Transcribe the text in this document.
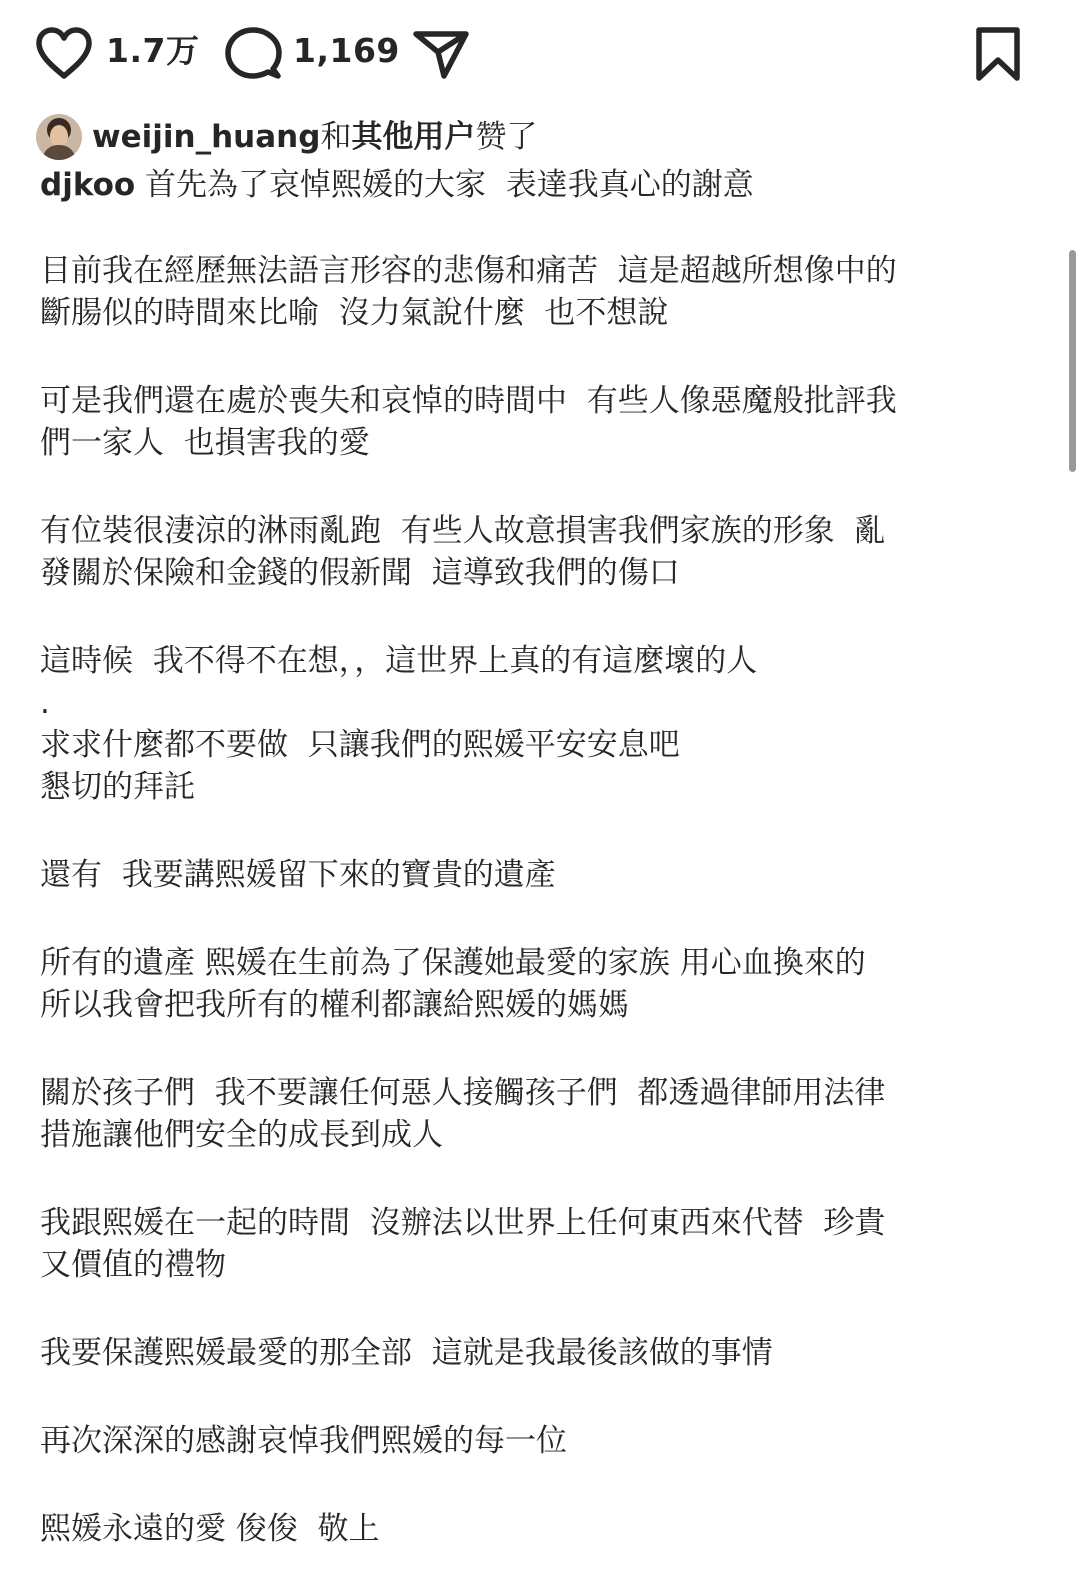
1.7万	1,169
weijin_huang 和 其他用户 赞了
djkoo 首先為了哀悼熙媛的大家  表達我真心的謝意

目前我在經歷無法語言形容的悲傷和痛苦  這是超越所想像中的
斷腸似的時間來比喻  沒力氣說什麼  也不想說

可是我們還在處於喪失和哀悼的時間中  有些人像惡魔般批評我
們一家人  也損害我的愛

有位裝很淒涼的淋雨亂跑  有些人故意損害我們家族的形象  亂
發關於保險和金錢的假新聞  這導致我們的傷口

這時候  我不得不在想，，這世界上真的有這麼壞的人
.
求求什麼都不要做  只讓我們的熙媛平安安息吧
懇切的拜託

還有  我要講熙媛留下來的寶貴的遺產

所有的遺產 熙媛在生前為了保護她最愛的家族 用心血換來的
所以我會把我所有的權利都讓給熙媛的媽媽

關於孩子們  我不要讓任何惡人接觸孩子們  都透過律師用法律
措施讓他們安全的成長到成人

我跟熙媛在一起的時間  沒辦法以世界上任何東西來代替  珍貴
又價值的禮物

我要保護熙媛最愛的那全部  這就是我最後該做的事情

再次深深的感謝哀悼我們熙媛的每一位

熙媛永遠的愛 俊俊  敬上
